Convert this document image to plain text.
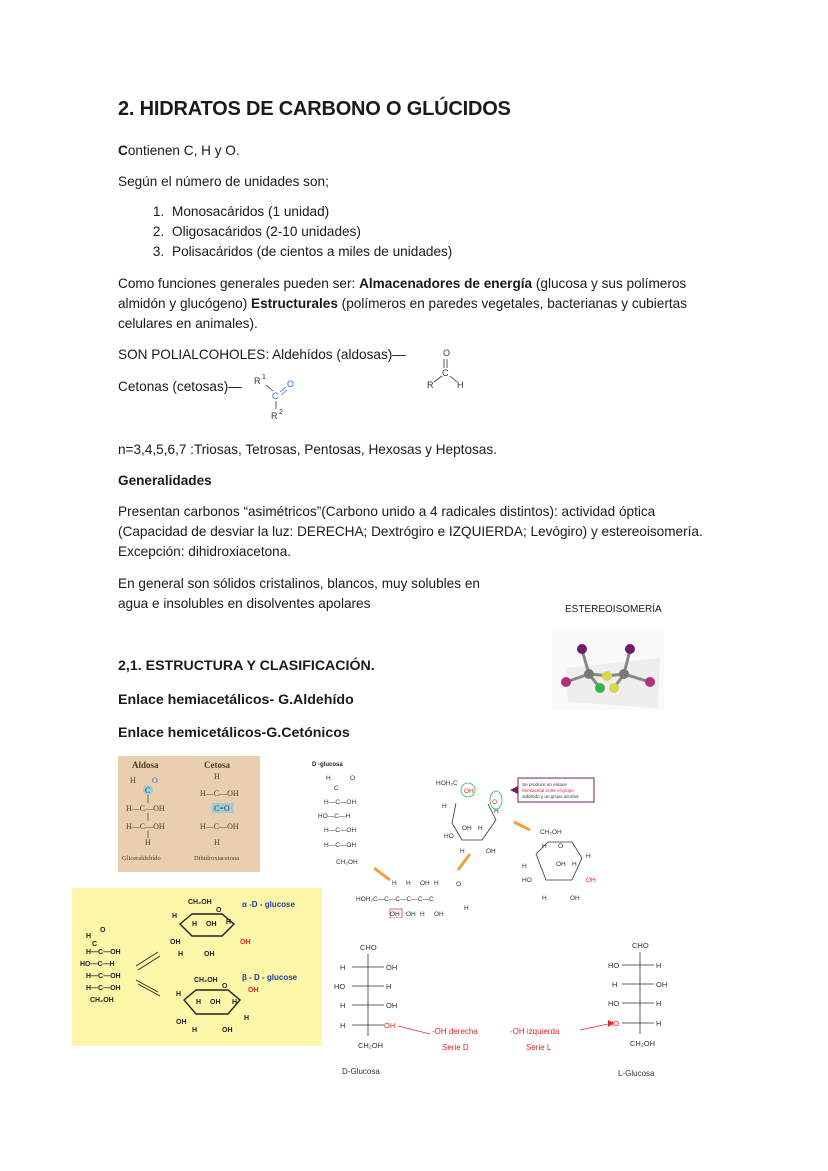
2. HIDRATOS DE CARBONO O GLÚCIDOS

Contienen C, H y O.

Según el número de unidades son;

1. Monosacáridos (1 unidad)
2. Oligosacáridos (2-10 unidades)
3. Polisacáridos (de cientos a miles de unidades)

Como funciones generales pueden ser: Almacenadores de energía (glucosa y sus polímeros almidón y glucógeno) Estructurales (polímeros en paredes vegetales, bacterianas y cubiertas celulares en animales).

SON POLIALCOHOLES: Aldehídos (aldosas)—	O
C
R	H

Cetonas (cetosas)—	R 1
C
O
R 2

n=3,4,5,6,7 :Triosas, Tetrosas, Pentosas, Hexosas y Heptosas.

Generalidades

Presentan carbonos “asimétricos”(Carbono unido a 4 radicales distintos): actividad óptica (Capacidad de desviar la luz: DERECHA; Dextrógiro e IZQUIERDA; Levógiro) y estereoisomería. Excepción: dihidroxiacetona.

En general son sólidos cristalinos, blancos, muy solubles en
agua e insolubles en disolventes apolares	ESTEREOISOMERÍA
2,1. ESTRUCTURA Y CLASIFICACIÓN.
Enlace hemiacetálicos- G.Aldehído
Enlace hemicetálicos-G.Cetónicos
Aldosa	Cetosa
H O
C
H—C—OH
H—C—OH
H
H
H—C—OH
C=O
H—C—OH
H
Gliceraldehído	Dihidroxiacetona
D -glucosa
H	O
C
H—C—OH
HO—C—H
H—C—OH
H—C—OH
CH₂OH
H H OH H
HOH₂C—C—C—C—C—C
OH OH H OH
O
H
HOH₂C
OH
H
HO
OH H
H	OH
H
O
Se produce un enlace
hemiacetal entre el grupo
aldehído y un grupo alcohol
CH₂OH
H O
H	OH H
H
OH
HO
H	OH
H
O
C
H—C—OH
HO—C—H
H—C—OH
H—C—OH
CH₂OH
CH₂OH
O
H
H OH H
OH	OH
H	OH
α -D - glucose
CH₂OH
O
H
H OH H
OH
OH
H
H	OH
β - D - glucose
CHO
H	OH
HO	H
H	OH
H	OH
CH₂OH
-OH derecha
Serie D
D-Glucosa
-OH izquierda
Serie L
CHO
HO	H
H	OH
HO	H
HO	H
CH₂OH
L-Glucosa
